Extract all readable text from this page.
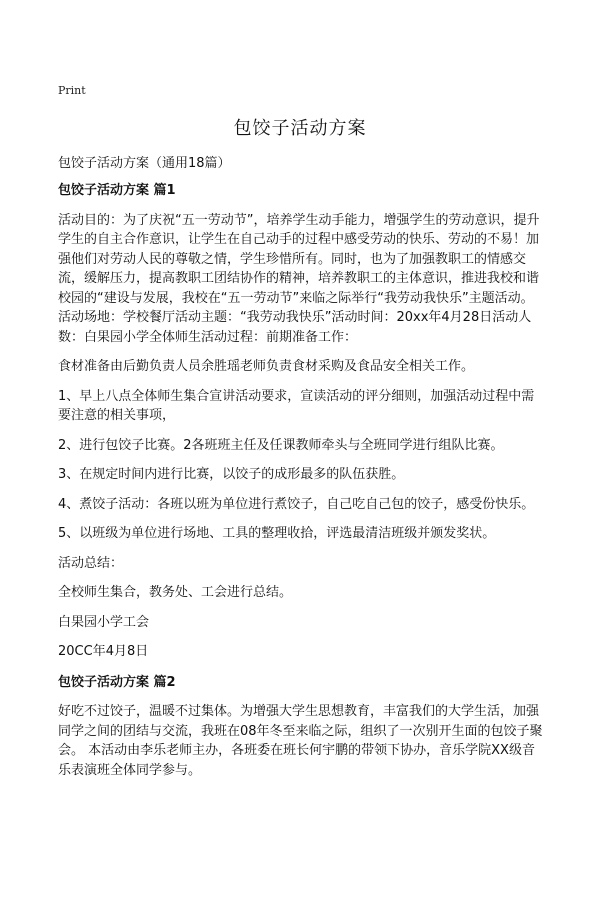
Print
包饺子活动方案
包饺子活动方案（通用18篇）
包饺子活动方案 篇1

活动目的：为了庆祝“五一劳动节”，培养学生动手能力，增强学生的劳动意识，提升学生的自主合作意识，让学生在自己动手的过程中感受劳动的快乐、劳动的不易！加强他们对劳动人民的尊敬之情，学生珍惜所有。同时，也为了加强教职工的情感交流，缓解压力，提高教职工团结协作的精神，培养教职工的主体意识，推进我校和谐校园的“建设与发展，我校在“五一劳动节”来临之际举行“我劳动我快乐”主题活动。活动场地：学校餐厅活动主题：“我劳动我快乐”活动时间：20xx年4月28日活动人数：白果园小学全体师生活动过程：前期准备工作：

食材准备由后勤负责人员余胜瑶老师负责食材采购及食品安全相关工作。

1、早上八点全体师生集合宣讲活动要求，宣读活动的评分细则，加强活动过程中需要注意的相关事项，

2、进行包饺子比赛。2各班班主任及任课教师牵头与全班同学进行组队比赛。

3、在规定时间内进行比赛，以饺子的成形最多的队伍获胜。

4、煮饺子活动：各班以班为单位进行煮饺子，自己吃自己包的饺子，感受份快乐。

5、以班级为单位进行场地、工具的整理收拾，评选最清洁班级并颁发奖状。

活动总结：

全校师生集合，教务处、工会进行总结。

白果园小学工会

20CC年4月8日

包饺子活动方案 篇2

好吃不过饺子，温暖不过集体。为增强大学生思想教育，丰富我们的大学生活，加强同学之间的团结与交流，我班在08年冬至来临之际，组织了一次别开生面的包饺子聚会。 本活动由李乐老师主办，各班委在班长何宇鹏的带领下协办，音乐学院XX级音乐表演班全体同学参与。
